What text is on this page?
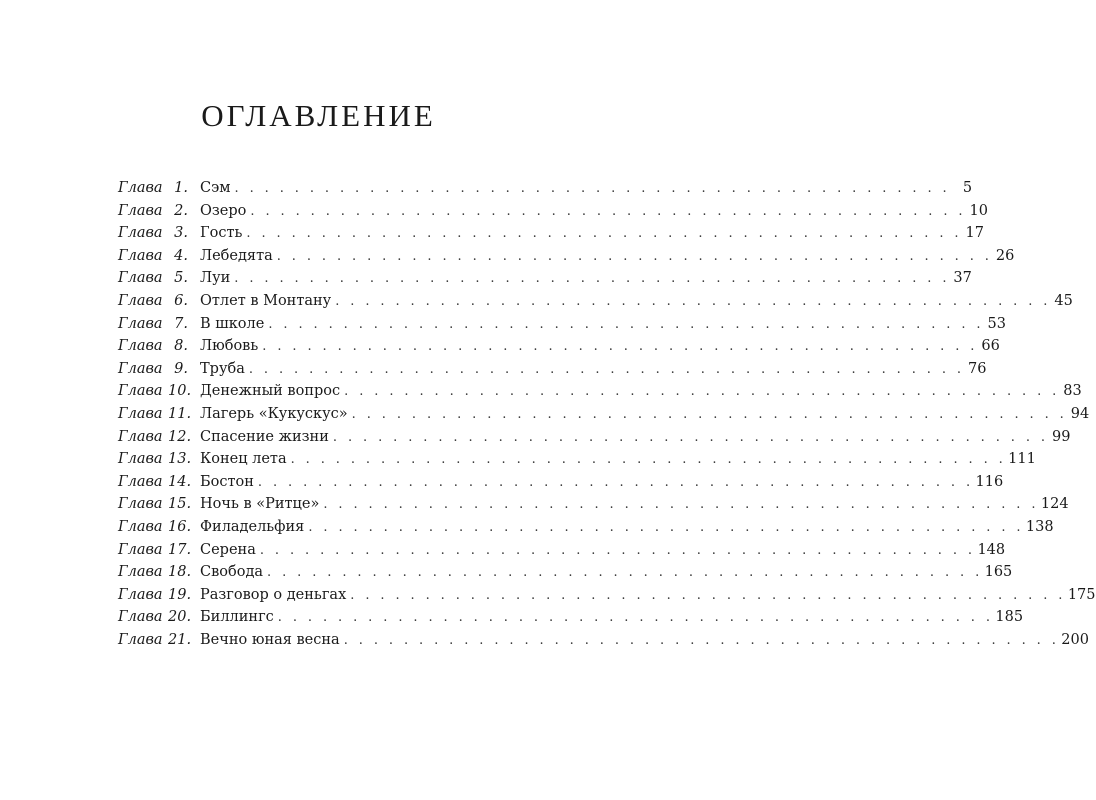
ОГЛАВЛЕНИЕ
Глава 1. Сэм . . . . . . . . . . . . . . . . . . . . . . . . . . . . . . . . . . . . . . . . . . . . . . . . 5
Глава 2. Озеро . . . . . . . . . . . . . . . . . . . . . . . . . . . . . . . . . . . . . . . . . . . . . . . . 10
Глава 3. Гость . . . . . . . . . . . . . . . . . . . . . . . . . . . . . . . . . . . . . . . . . . . . . . . . 17
Глава 4. Лебедята . . . . . . . . . . . . . . . . . . . . . . . . . . . . . . . . . . . . . . . . . . . . . . . . 26
Глава 5. Луи . . . . . . . . . . . . . . . . . . . . . . . . . . . . . . . . . . . . . . . . . . . . . . . . 37
Глава 6. Отлет в Монтану . . . . . . . . . . . . . . . . . . . . . . . . . . . . . . . . . . . . . . . . . . . . . . . . 45
Глава 7. В школе . . . . . . . . . . . . . . . . . . . . . . . . . . . . . . . . . . . . . . . . . . . . . . . . 53
Глава 8. Любовь . . . . . . . . . . . . . . . . . . . . . . . . . . . . . . . . . . . . . . . . . . . . . . . . 66
Глава 9. Труба . . . . . . . . . . . . . . . . . . . . . . . . . . . . . . . . . . . . . . . . . . . . . . . . 76
Глава 10. Денежный вопрос . . . . . . . . . . . . . . . . . . . . . . . . . . . . . . . . . . . . . . . . . . . . . . . . 83
Глава 11. Лагерь «Кукускус» . . . . . . . . . . . . . . . . . . . . . . . . . . . . . . . . . . . . . . . . . . . . . . . . 94
Глава 12. Спасение жизни . . . . . . . . . . . . . . . . . . . . . . . . . . . . . . . . . . . . . . . . . . . . . . . . 99
Глава 13. Конец лета . . . . . . . . . . . . . . . . . . . . . . . . . . . . . . . . . . . . . . . . . . . . . . . . 111
Глава 14. Бостон . . . . . . . . . . . . . . . . . . . . . . . . . . . . . . . . . . . . . . . . . . . . . . . . 116
Глава 15. Ночь в «Ритце» . . . . . . . . . . . . . . . . . . . . . . . . . . . . . . . . . . . . . . . . . . . . . . . . 124
Глава 16. Филадельфия . . . . . . . . . . . . . . . . . . . . . . . . . . . . . . . . . . . . . . . . . . . . . . . . 138
Глава 17. Серена . . . . . . . . . . . . . . . . . . . . . . . . . . . . . . . . . . . . . . . . . . . . . . . . 148
Глава 18. Свобода . . . . . . . . . . . . . . . . . . . . . . . . . . . . . . . . . . . . . . . . . . . . . . . . 165
Глава 19. Разговор о деньгах . . . . . . . . . . . . . . . . . . . . . . . . . . . . . . . . . . . . . . . . . . . . . . . . 175
Глава 20. Биллингс . . . . . . . . . . . . . . . . . . . . . . . . . . . . . . . . . . . . . . . . . . . . . . . . 185
Глава 21. Вечно юная весна . . . . . . . . . . . . . . . . . . . . . . . . . . . . . . . . . . . . . . . . . . . . . . . . 200
